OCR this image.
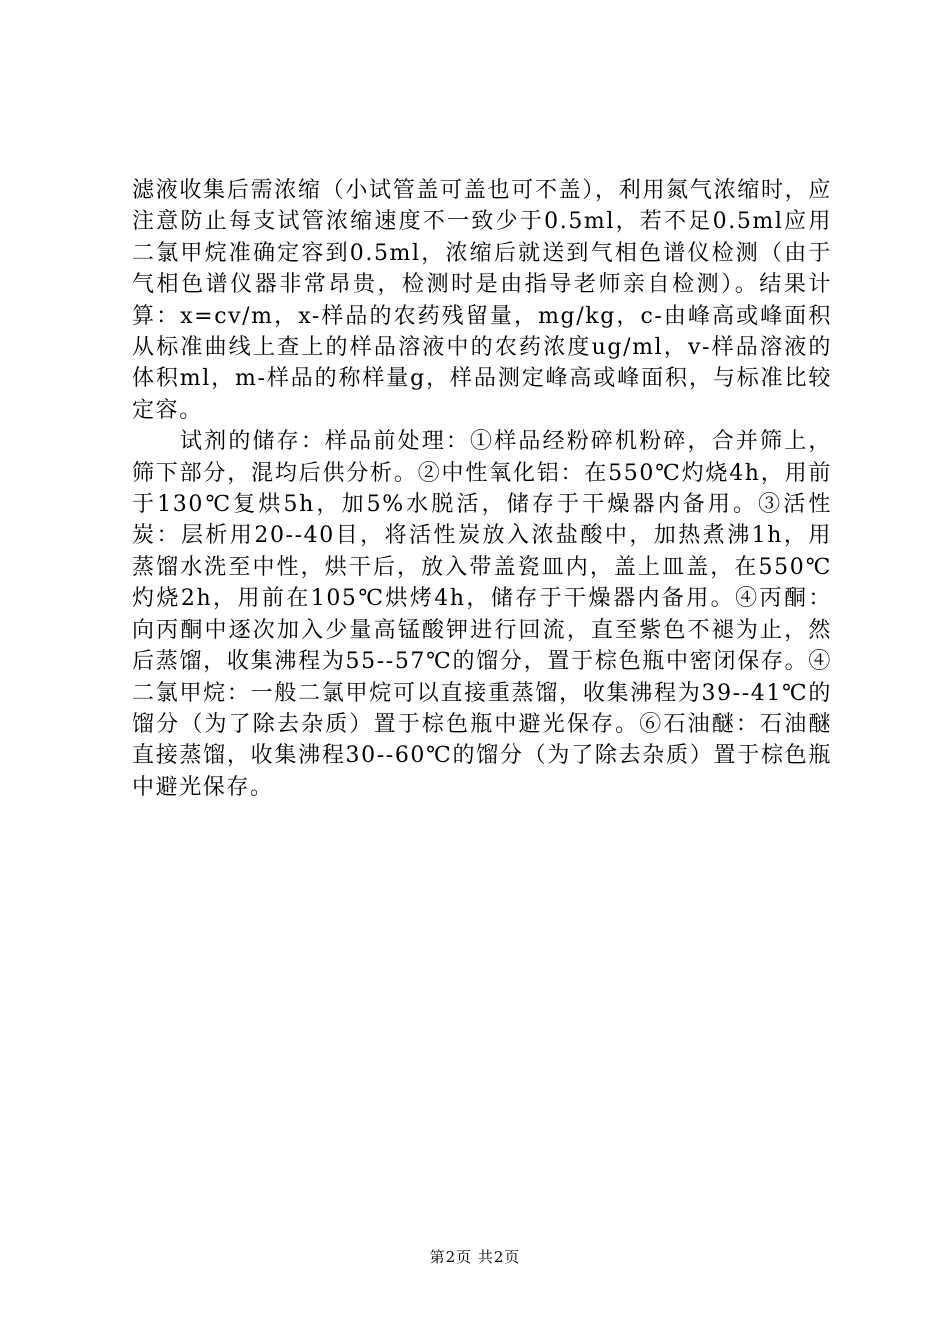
滤液收集后需浓缩（小试管盖可盖也可不盖），利用氮气浓缩时，应注意防止每支试管浓缩速度不一致少于0.5ml，若不足0.5ml应用二氯甲烷准确定容到0.5ml，浓缩后就送到气相色谱仪检测（由于气相色谱仪器非常昂贵，检测时是由指导老师亲自检测）。结果计算：x=cv/m，x-样品的农药残留量，mg/kg，c-由峰高或峰面积从标准曲线上查上的样品溶液中的农药浓度ug/ml，v-样品溶液的体积ml，m-样品的称样量g，样品测定峰高或峰面积，与标准比较定容。

试剂的储存：样品前处理：①样品经粉碎机粉碎，合并筛上，筛下部分，混均后供分析。②中性氧化铝：在550℃灼烧4h，用前于130℃复烘5h，加5%水脱活，储存于干燥器内备用。③活性炭：层析用20--40目，将活性炭放入浓盐酸中，加热煮沸1h，用蒸馏水洗至中性，烘干后，放入带盖瓷皿内，盖上皿盖，在550℃灼烧2h，用前在105℃烘烤4h，储存于干燥器内备用。④丙酮：向丙酮中逐次加入少量高锰酸钾进行回流，直至紫色不褪为止，然后蒸馏，收集沸程为55--57℃的馏分，置于棕色瓶中密闭保存。④二氯甲烷：一般二氯甲烷可以直接重蒸馏，收集沸程为39--41℃的馏分（为了除去杂质）置于棕色瓶中避光保存。⑥石油醚：石油醚直接蒸馏，收集沸程30--60℃的馏分（为了除去杂质）置于棕色瓶中避光保存。

第2页 共2页
